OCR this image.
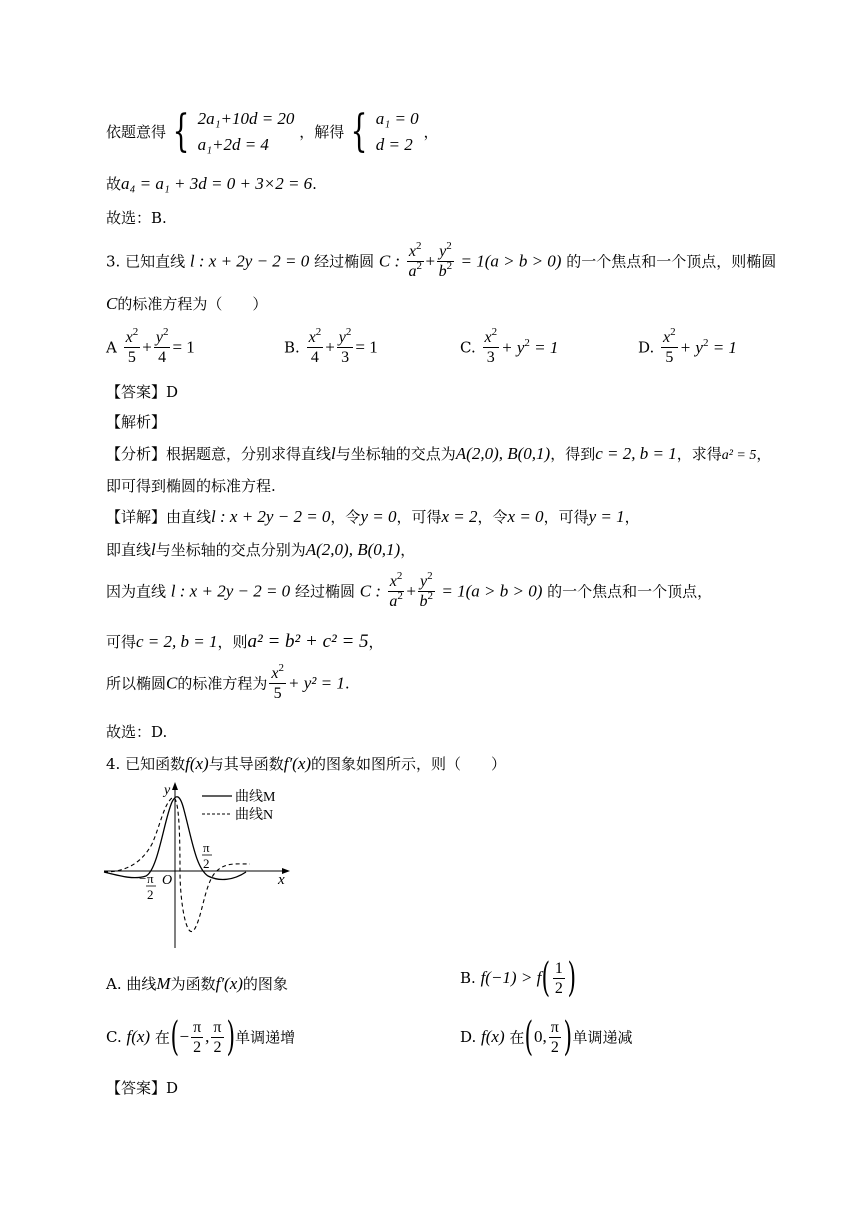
依题意得 { 2a₁+10d = 20
a₁+2d = 4
，解得 { a₁ = 0
d = 2
，
故a₄ = a₁ + 3d = 0 + 3×2 = 6.
故选：B.
3. 已知直线 l : x + 2y − 2 = 0 经过椭圆 C : $\frac{x^2}{a^2} + \frac{y^2}{b^2} = 1(a > b > 0)$ 的一个焦点和一个顶点，则椭圆
C的标准方程为（　　）
A $\frac{x^2}{5} + \frac{y^2}{4} = 1$	B. $\frac{x^2}{4} + \frac{y^2}{3} = 1$	C. $\frac{x^2}{3} + y^2 = 1$	D. $\frac{x^2}{5} + y^2 = 1$
【答案】D
【解析】
【分析】根据题意，分别求得直线l与坐标轴的交点为A(2,0), B(0,1)，得到c = 2, b = 1，求得a² = 5，
即可得到椭圆的标准方程.
【详解】由直线l : x + 2y − 2 = 0，令y = 0，可得x = 2，令x = 0，可得y = 1，
即直线l与坐标轴的交点分别为A(2,0), B(0,1)，
因为直线 l : x + 2y − 2 = 0 经过椭圆 C : $\frac{x^2}{a^2} + \frac{y^2}{b^2} = 1(a > b > 0)$ 的一个焦点和一个顶点，
可得c = 2, b = 1，则a² = b² + c² = 5，
所以椭圆C的标准方程为 $\frac{x^2}{5} + y^2 = 1$.
故选：D.
4. 已知函数f(x)与其导函数f′(x)的图象如图所示，则（　　）
曲线M
曲线N
x
y
O
π
2
− π
2
A. 曲线M为函数f′(x)的图象	B. $f(-1) > f( \frac{1}{2}$ )
C. f(x) 在(− $\frac{\pi}{2}$ , $\frac{\pi}{2}$ )单调递增	D. f(x) 在(0, $\frac{\pi}{2}$ )单调递减
【答案】D
